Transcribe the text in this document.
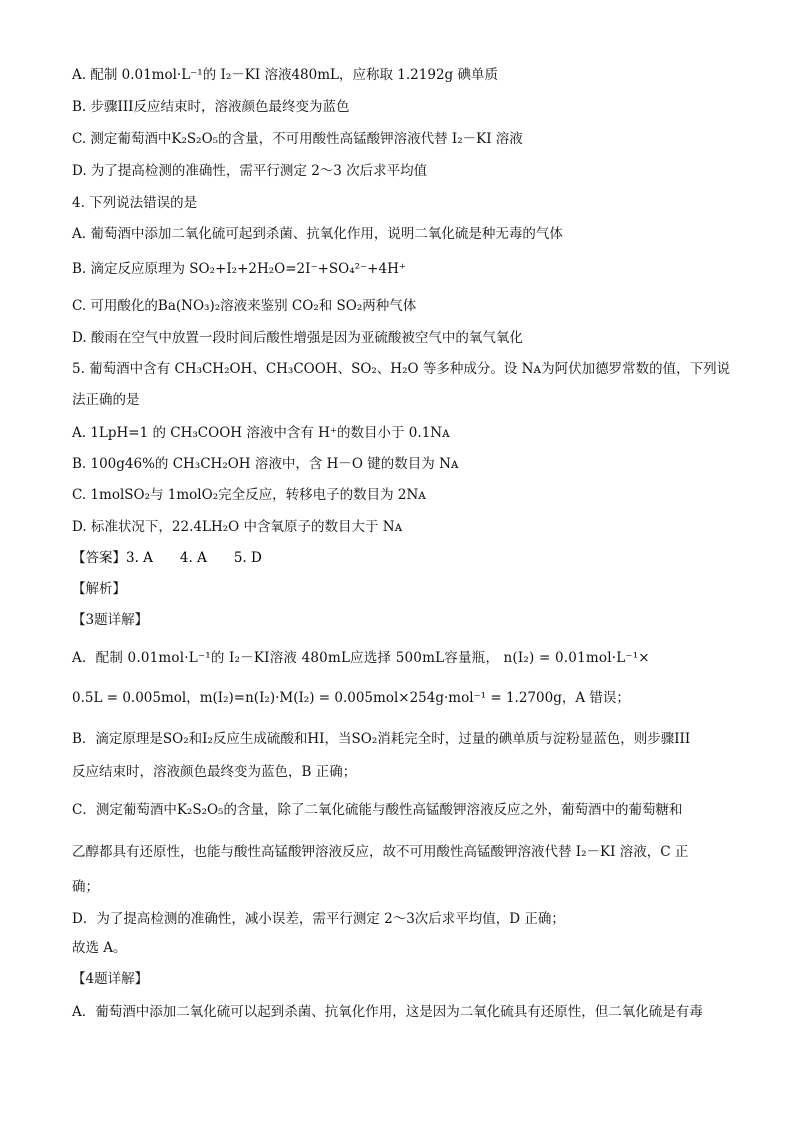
A. 配制 0.01mol·L⁻¹的 I₂－KI 溶液480mL，应称取 1.2192g 碘单质
B. 步骤III反应结束时，溶液颜色最终变为蓝色
C. 测定葡萄酒中K₂S₂O₅的含量，不可用酸性高锰酸钾溶液代替 I₂－KI 溶液
D. 为了提高检测的准确性，需平行测定 2～3 次后求平均值
4. 下列说法错误的是
A. 葡萄酒中添加二氧化硫可起到杀菌、抗氧化作用，说明二氧化硫是种无毒的气体
B. 滴定反应原理为 SO₂+I₂+2H₂O=2I⁻+SO₄²⁻+4H⁺
C. 可用酸化的Ba(NO₃)₂溶液来鉴别 CO₂和 SO₂两种气体
D. 酸雨在空气中放置一段时间后酸性增强是因为亚硫酸被空气中的氧气氧化
5. 葡萄酒中含有 CH₃CH₂OH、CH₃COOH、SO₂、H₂O 等多种成分。设 Nᴀ为阿伏加德罗常数的值，下列说
法正确的是
A. 1LpH=1 的 CH₃COOH 溶液中含有 H⁺的数目小于 0.1Nᴀ
B. 100g46%的 CH₃CH₂OH 溶液中，含 H－O 键的数目为 Nᴀ
C. 1molSO₂与 1molO₂完全反应，转移电子的数目为 2Nᴀ
D. 标准状况下，22.4LH₂O 中含氧原子的数目大于 Nᴀ
【答案】3. A　　4. A　　5. D
【解析】
【3题详解】
A．配制 0.01mol·L⁻¹的 I₂－KI溶液 480mL应选择 500mL容量瓶， n(I₂) = 0.01mol·L⁻¹×
0.5L = 0.005mol，m(I₂)=n(I₂)·M(I₂) = 0.005mol×254g·mol⁻¹ = 1.2700g，A 错误；
B．滴定原理是SO₂和I₂反应生成硫酸和HI，当SO₂消耗完全时，过量的碘单质与淀粉显蓝色，则步骤III
反应结束时，溶液颜色最终变为蓝色，B 正确；
C．测定葡萄酒中K₂S₂O₅的含量，除了二氧化硫能与酸性高锰酸钾溶液反应之外，葡萄酒中的葡萄糖和
乙醇都具有还原性，也能与酸性高锰酸钾溶液反应，故不可用酸性高锰酸钾溶液代替 I₂－KI 溶液，C 正
确；
D．为了提高检测的准确性，减小误差，需平行测定 2～3次后求平均值，D 正确；
故选 A。
【4题详解】
A．葡萄酒中添加二氧化硫可以起到杀菌、抗氧化作用，这是因为二氧化硫具有还原性，但二氧化硫是有毒
